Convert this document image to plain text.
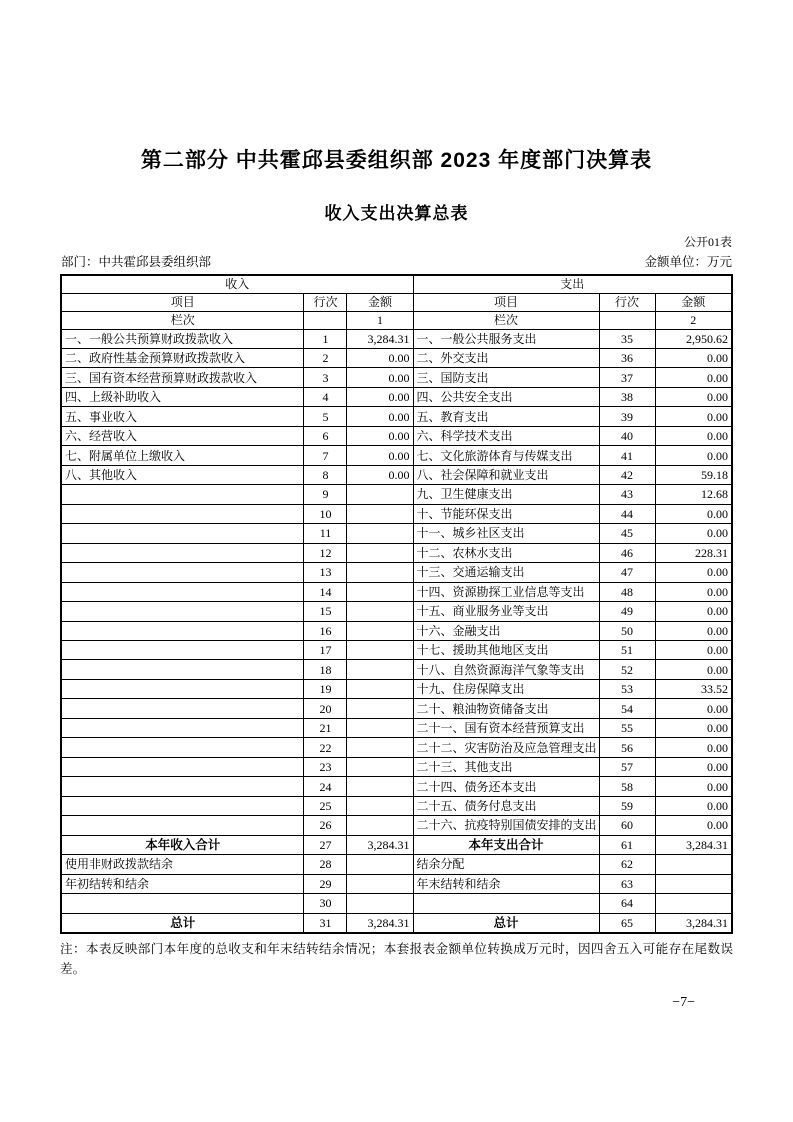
第二部分 中共霍邱县委组织部 2023 年度部门决算表
收入支出决算总表
公开01表
部门：中共霍邱县委组织部	金额单位：万元
收入			支出		
项目	行次	金额	项目	行次	金额
栏次		1	栏次		2
一、一般公共预算财政拨款收入	1	3,284.31	一、一般公共服务支出	35	2,950.62
二、政府性基金预算财政拨款收入	2	0.00	二、外交支出	36	0.00
三、国有资本经营预算财政拨款收入	3	0.00	三、国防支出	37	0.00
四、上级补助收入	4	0.00	四、公共安全支出	38	0.00
五、事业收入	5	0.00	五、教育支出	39	0.00
六、经营收入	6	0.00	六、科学技术支出	40	0.00
七、附属单位上缴收入	7	0.00	七、文化旅游体育与传媒支出	41	0.00
八、其他收入	8	0.00	八、社会保障和就业支出	42	59.18
	9		九、卫生健康支出	43	12.68
	10		十、节能环保支出	44	0.00
	11		十一、城乡社区支出	45	0.00
	12		十二、农林水支出	46	228.31
	13		十三、交通运输支出	47	0.00
	14		十四、资源勘探工业信息等支出	48	0.00
	15		十五、商业服务业等支出	49	0.00
	16		十六、金融支出	50	0.00
	17		十七、援助其他地区支出	51	0.00
	18		十八、自然资源海洋气象等支出	52	0.00
	19		十九、住房保障支出	53	33.52
	20		二十、粮油物资储备支出	54	0.00
	21		二十一、国有资本经营预算支出	55	0.00
	22		二十二、灾害防治及应急管理支出	56	0.00
	23		二十三、其他支出	57	0.00
	24		二十四、债务还本支出	58	0.00
	25		二十五、债务付息支出	59	0.00
	26		二十六、抗疫特别国债安排的支出	60	0.00
本年收入合计	27	3,284.31	本年支出合计	61	3,284.31
使用非财政拨款结余	28		结余分配	62	
年初结转和结余	29		年末结转和结余	63	
	30			64	
总计	31	3,284.31	总计	65	3,284.31
注：本表反映部门本年度的总收支和年末结转结余情况；本套报表金额单位转换成万元时，因四舍五入可能存在尾数误差。
−7−
